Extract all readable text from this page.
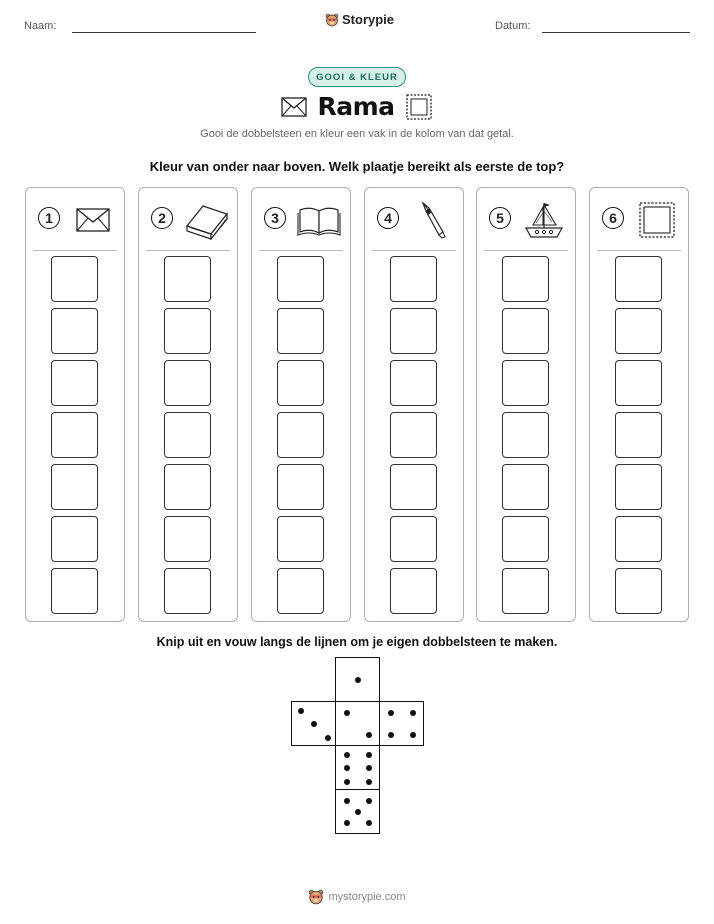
Naam:	Storypie	Datum:
GOOI & KLEUR
Rama
Gooi de dobbelsteen en kleur een vak in de kolom van dat getal.
Kleur van onder naar boven. Welk plaatje bereikt als eerste de top?
1	2	3	4	5	6
Knip uit en vouw langs de lijnen om je eigen dobbelsteen te maken.
mystorypie.com
